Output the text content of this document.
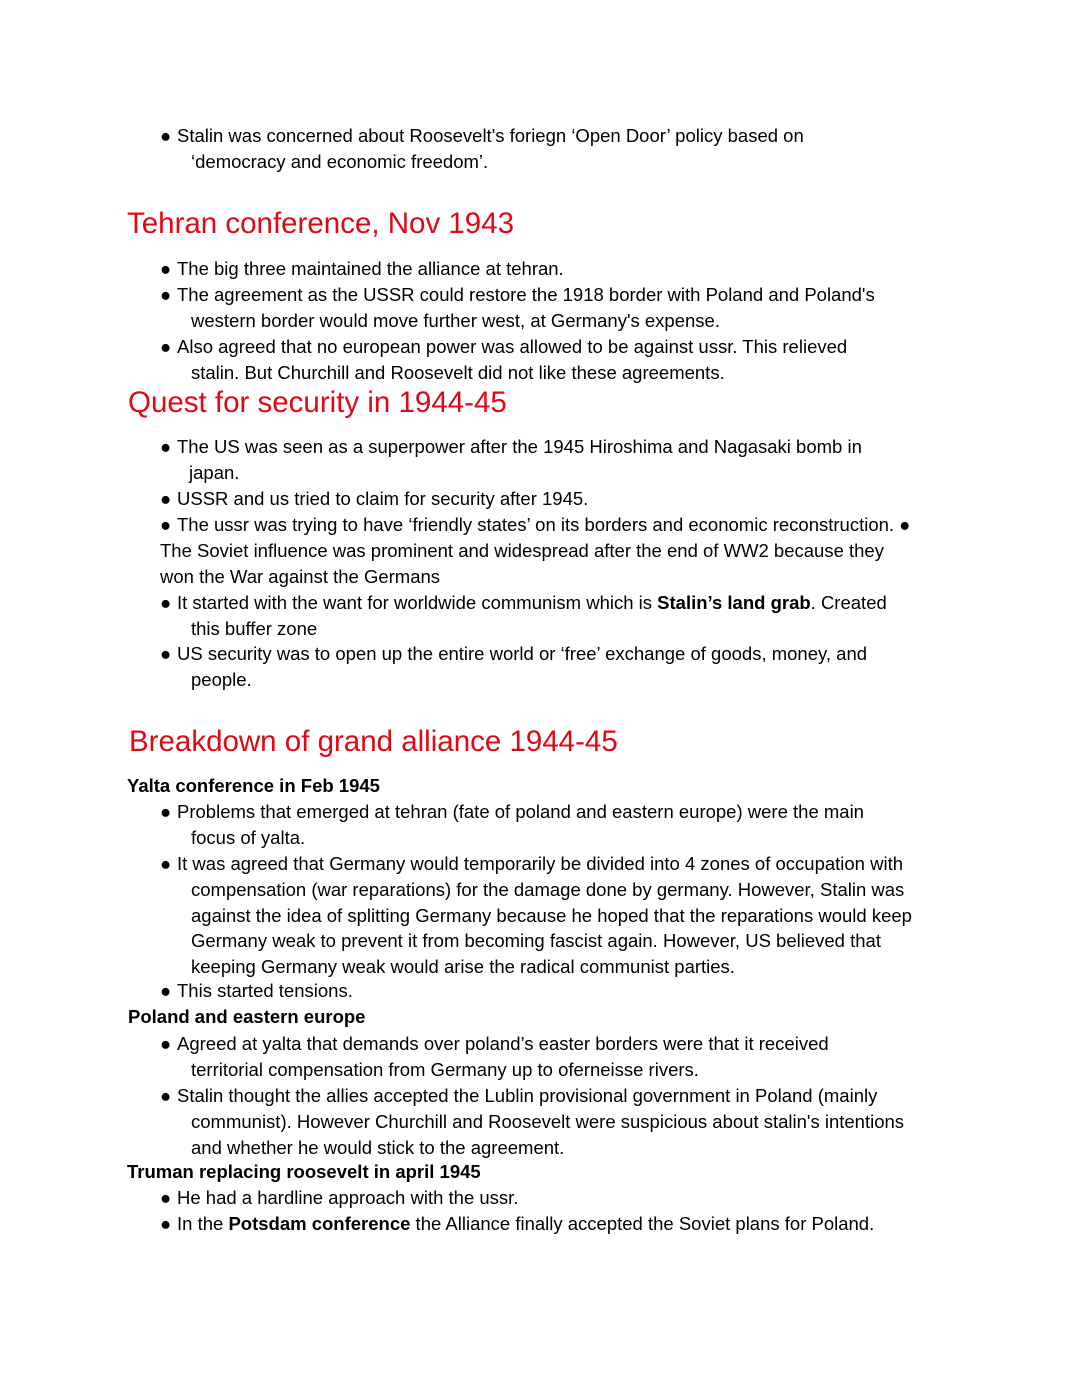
● Stalin was concerned about Roosevelt's foriegn ‘Open Door’ policy based on
‘democracy and economic freedom’.
Tehran conference, Nov 1943
● The big three maintained the alliance at tehran.
● The agreement as the USSR could restore the 1918 border with Poland and Poland's
western border would move further west, at Germany's expense.
● Also agreed that no european power was allowed to be against ussr. This relieved
stalin. But Churchill and Roosevelt did not like these agreements.
Quest for security in 1944-45
● The US was seen as a superpower after the 1945 Hiroshima and Nagasaki bomb in
japan.
● USSR and us tried to claim for security after 1945.
● The ussr was trying to have ‘friendly states’ on its borders and economic reconstruction. ●
The Soviet influence was prominent and widespread after the end of WW2 because they
won the War against the Germans
● It started with the want for worldwide communism which is Stalin’s land grab. Created
this buffer zone
● US security was to open up the entire world or ‘free’ exchange of goods, money, and
people.
Breakdown of grand alliance 1944-45
Yalta conference in Feb 1945
● Problems that emerged at tehran (fate of poland and eastern europe) were the main
focus of yalta.
● It was agreed that Germany would temporarily be divided into 4 zones of occupation with
compensation (war reparations) for the damage done by germany. However, Stalin was
against the idea of splitting Germany because he hoped that the reparations would keep
Germany weak to prevent it from becoming fascist again. However, US believed that
keeping Germany weak would arise the radical communist parties.
● This started tensions.
Poland and eastern europe
● Agreed at yalta that demands over poland’s easter borders were that it received
territorial compensation from Germany up to oferneisse rivers.
● Stalin thought the allies accepted the Lublin provisional government in Poland (mainly
communist). However Churchill and Roosevelt were suspicious about stalin's intentions
and whether he would stick to the agreement.
Truman replacing roosevelt in april 1945
● He had a hardline approach with the ussr.
● In the Potsdam conference the Alliance finally accepted the Soviet plans for Poland.
